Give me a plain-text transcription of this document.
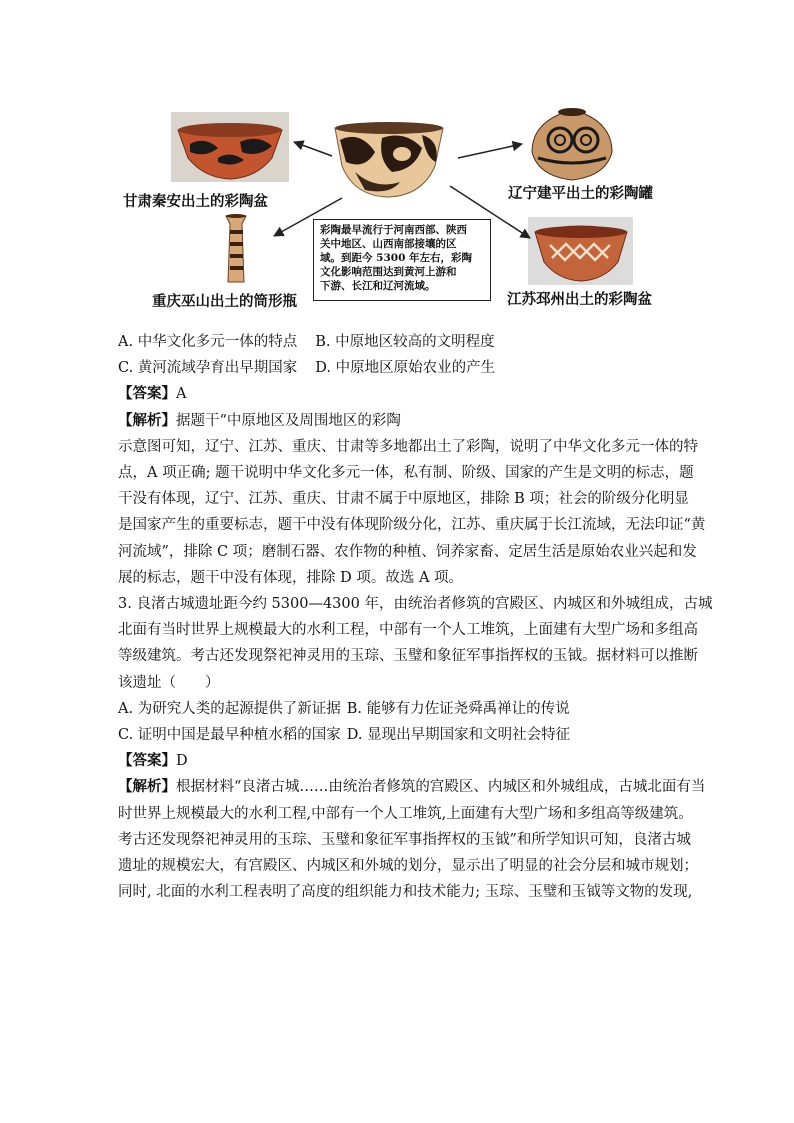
甘肃秦安出土的彩陶盆	辽宁建平出土的彩陶罐
重庆巫山出土的筒形瓶	江苏邳州出土的彩陶盆
彩陶最早流行于河南西部、陕西
关中地区、山西南部接壤的区
域。到距今 5300 年左右，彩陶
文化影响范围达到黄河上游和
下游、长江和辽河流域。
A. 中华文化多元一体的特点 B. 中原地区较高的文明程度
C. 黄河流域孕育出早期国家 D. 中原地区原始农业的产生
【答案】A
【解析】据题干“中原地区及周围地区的彩陶
示意图可知，辽宁、江苏、重庆、甘肃等多地都出土了彩陶，说明了中华文化多元一体的特
点，A 项正确; 题干说明中华文化多元一体，私有制、阶级、国家的产生是文明的标志，题
干没有体现，辽宁、江苏、重庆、甘肃不属于中原地区，排除 B 项；社会的阶级分化明显
是国家产生的重要标志，题干中没有体现阶级分化，江苏、重庆属于长江流域，无法印证“黄
河流域”，排除 C 项；磨制石器、农作物的种植、饲养家畜、定居生活是原始农业兴起和发
展的标志，题干中没有体现，排除 D 项。故选 A 项。
3. 良渚古城遗址距今约 5300—4300 年，由统治者修筑的宫殿区、内城区和外城组成，古城
北面有当时世界上规模最大的水利工程，中部有一个人工堆筑，上面建有大型广场和多组高
等级建筑。考古还发现祭祀神灵用的玉琮、玉璧和象征军事指挥权的玉钺。据材料可以推断
该遗址（　　）
A. 为研究人类的起源提供了新证据 B. 能够有力佐证尧舜禹禅让的传说
C. 证明中国是最早种植水稻的国家 D. 显现出早期国家和文明社会特征
【答案】D
【解析】根据材料“良渚古城……由统治者修筑的宫殿区、内城区和外城组成，古城北面有当
时世界上规模最大的水利工程,中部有一个人工堆筑,上面建有大型广场和多组高等级建筑。
考古还发现祭祀神灵用的玉琮、玉璧和象征军事指挥权的玉钺”和所学知识可知，良渚古城
遗址的规模宏大，有宫殿区、内城区和外城的划分，显示出了明显的社会分层和城市规划；
同时, 北面的水利工程表明了高度的组织能力和技术能力; 玉琮、玉璧和玉钺等文物的发现,
